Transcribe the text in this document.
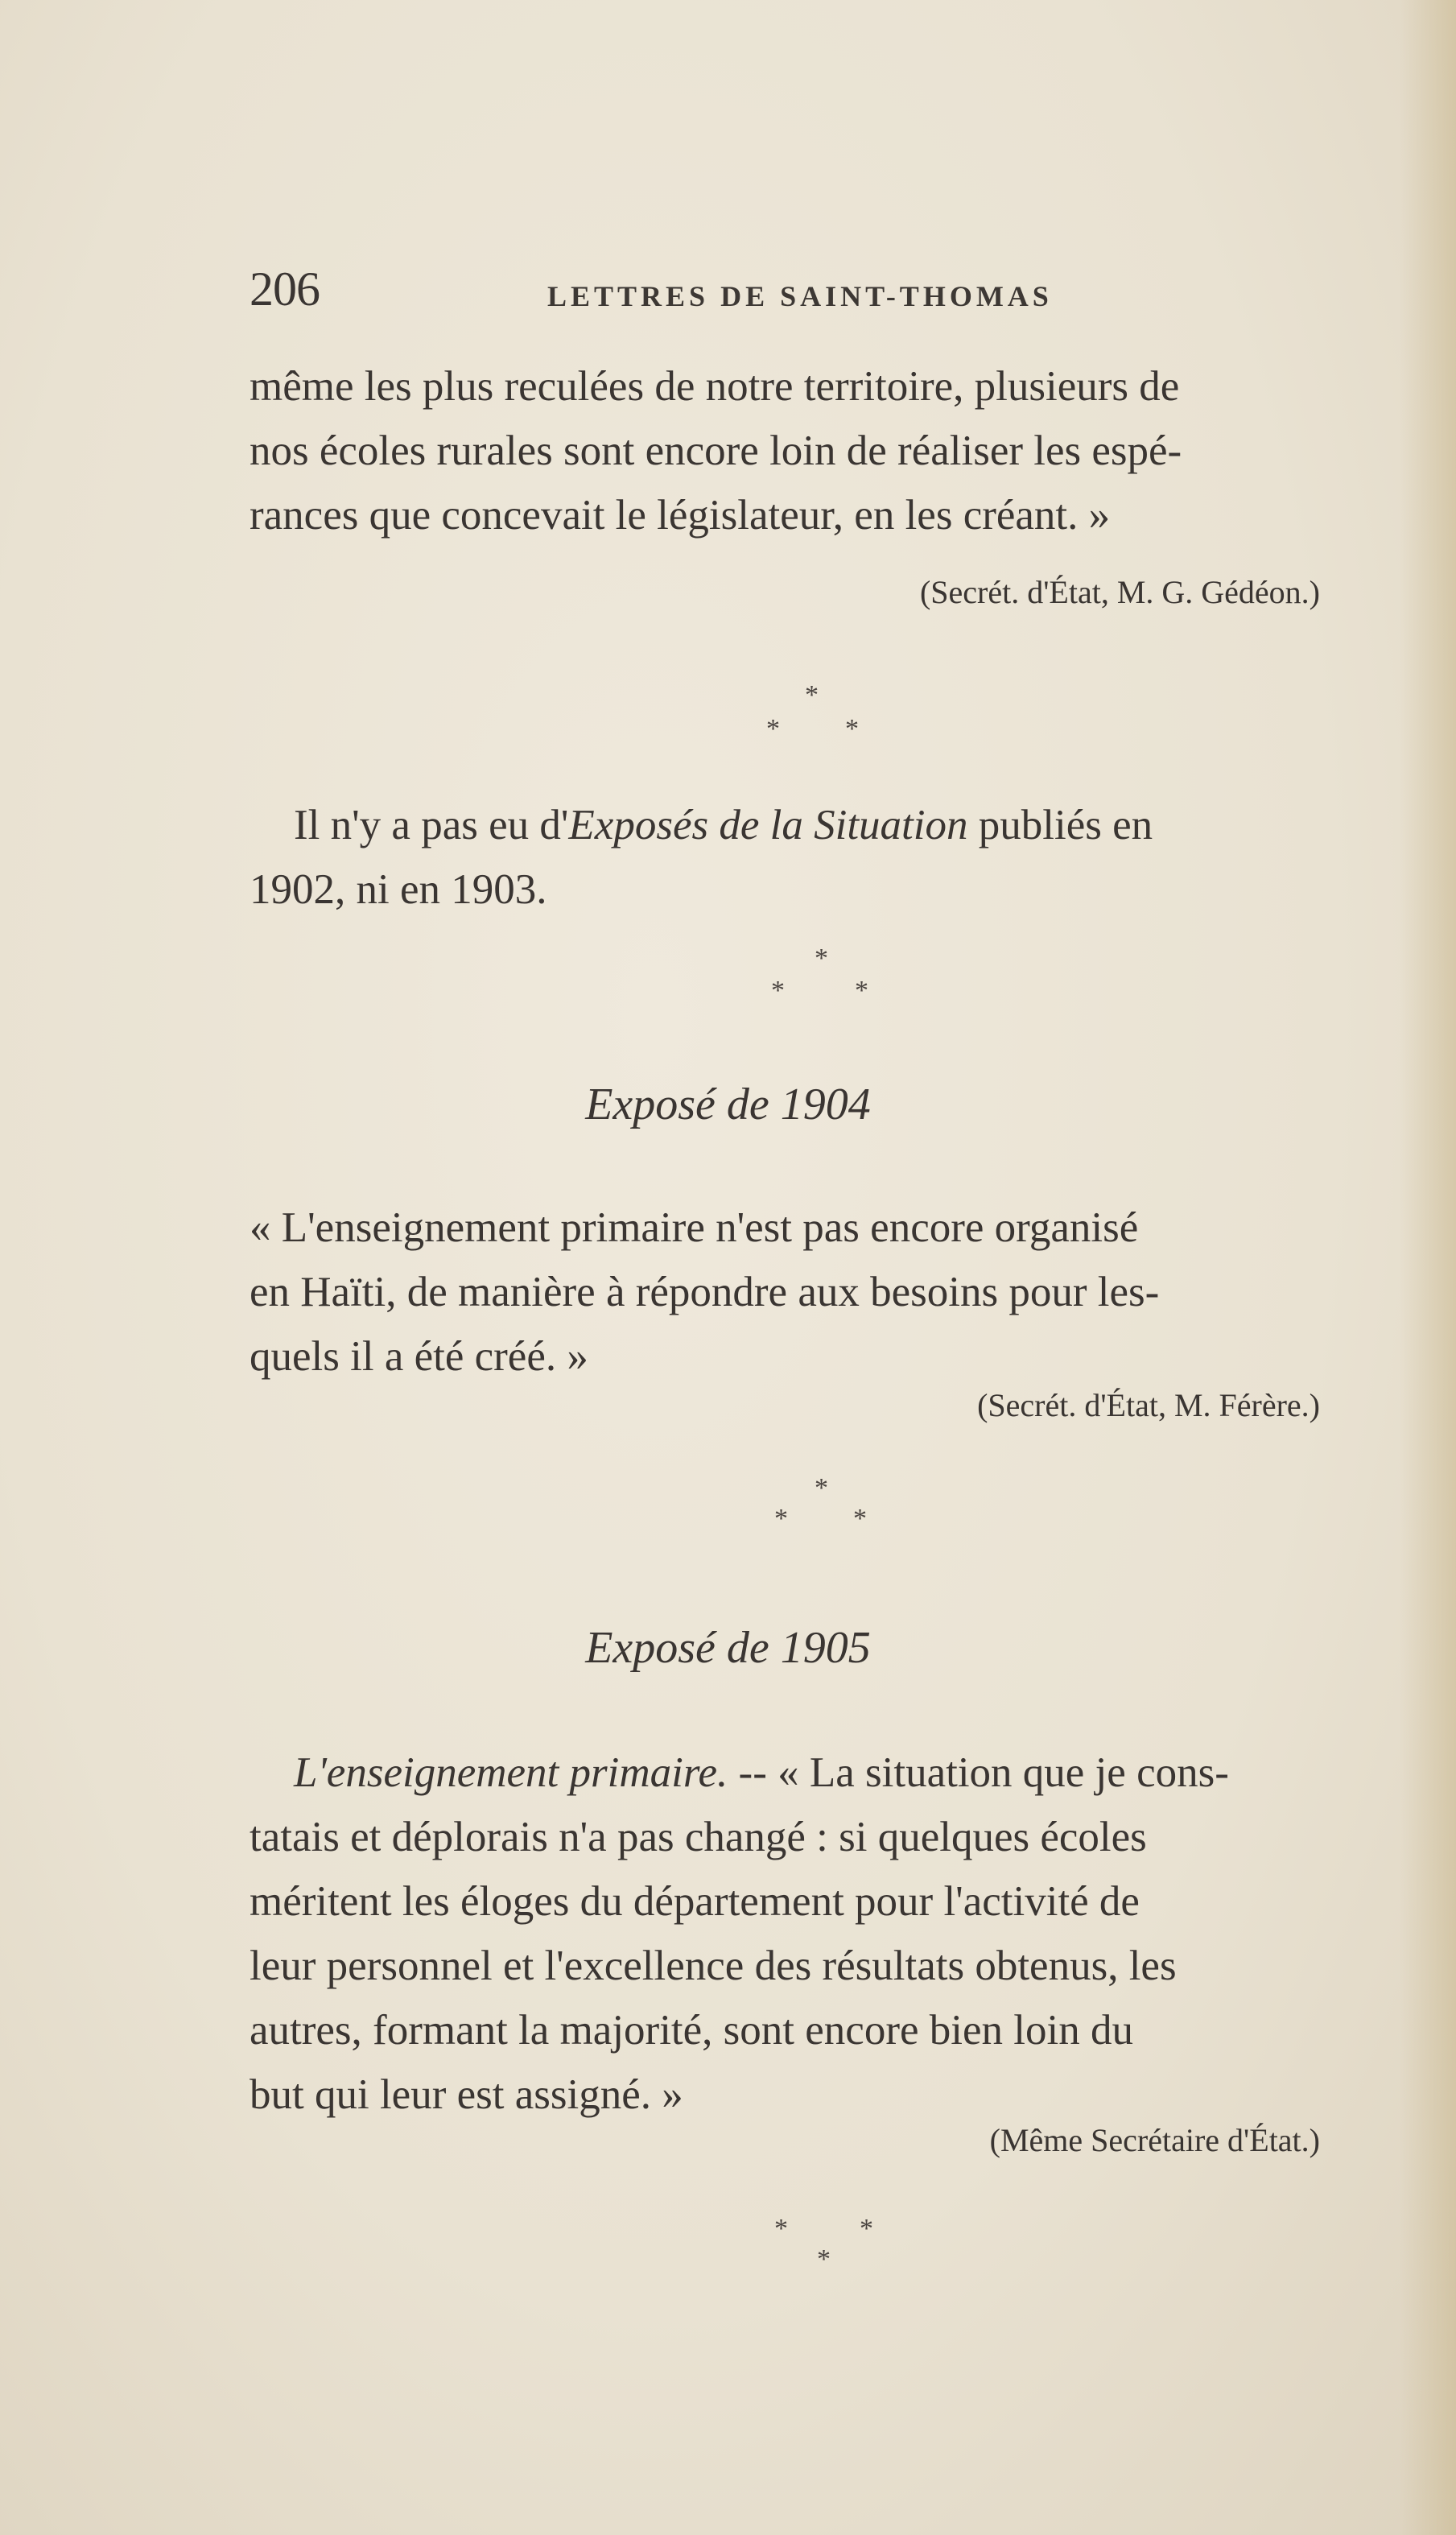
206	LETTRES DE SAINT-THOMAS

même les plus reculées de notre territoire, plusieurs de

nos écoles rurales sont encore loin de réaliser les espé-

rances que concevait le législateur, en les créant. »

(Secrét. d'État, M. G. Gédéon.)
*
* *

Il n'y a pas eu d'Exposés de la Situation publiés en

1902, ni en 1903.

*
*	*
Exposé de 1904

« L'enseignement primaire n'est pas encore organisé

en Haïti, de manière à répondre aux besoins pour les-

quels il a été créé. »

(Secrét. d'État, M. Férère.)
*
* *
Exposé de 1905

L'enseignement primaire. -- « La situation que je cons-

tatais et déplorais n'a pas changé : si quelques écoles

méritent les éloges du département pour l'activité de

leur personnel et l'excellence des résultats obtenus, les

autres, formant la majorité, sont encore bien loin du

but qui leur est assigné. »

(Même Secrétaire d'État.)
*	*
*
